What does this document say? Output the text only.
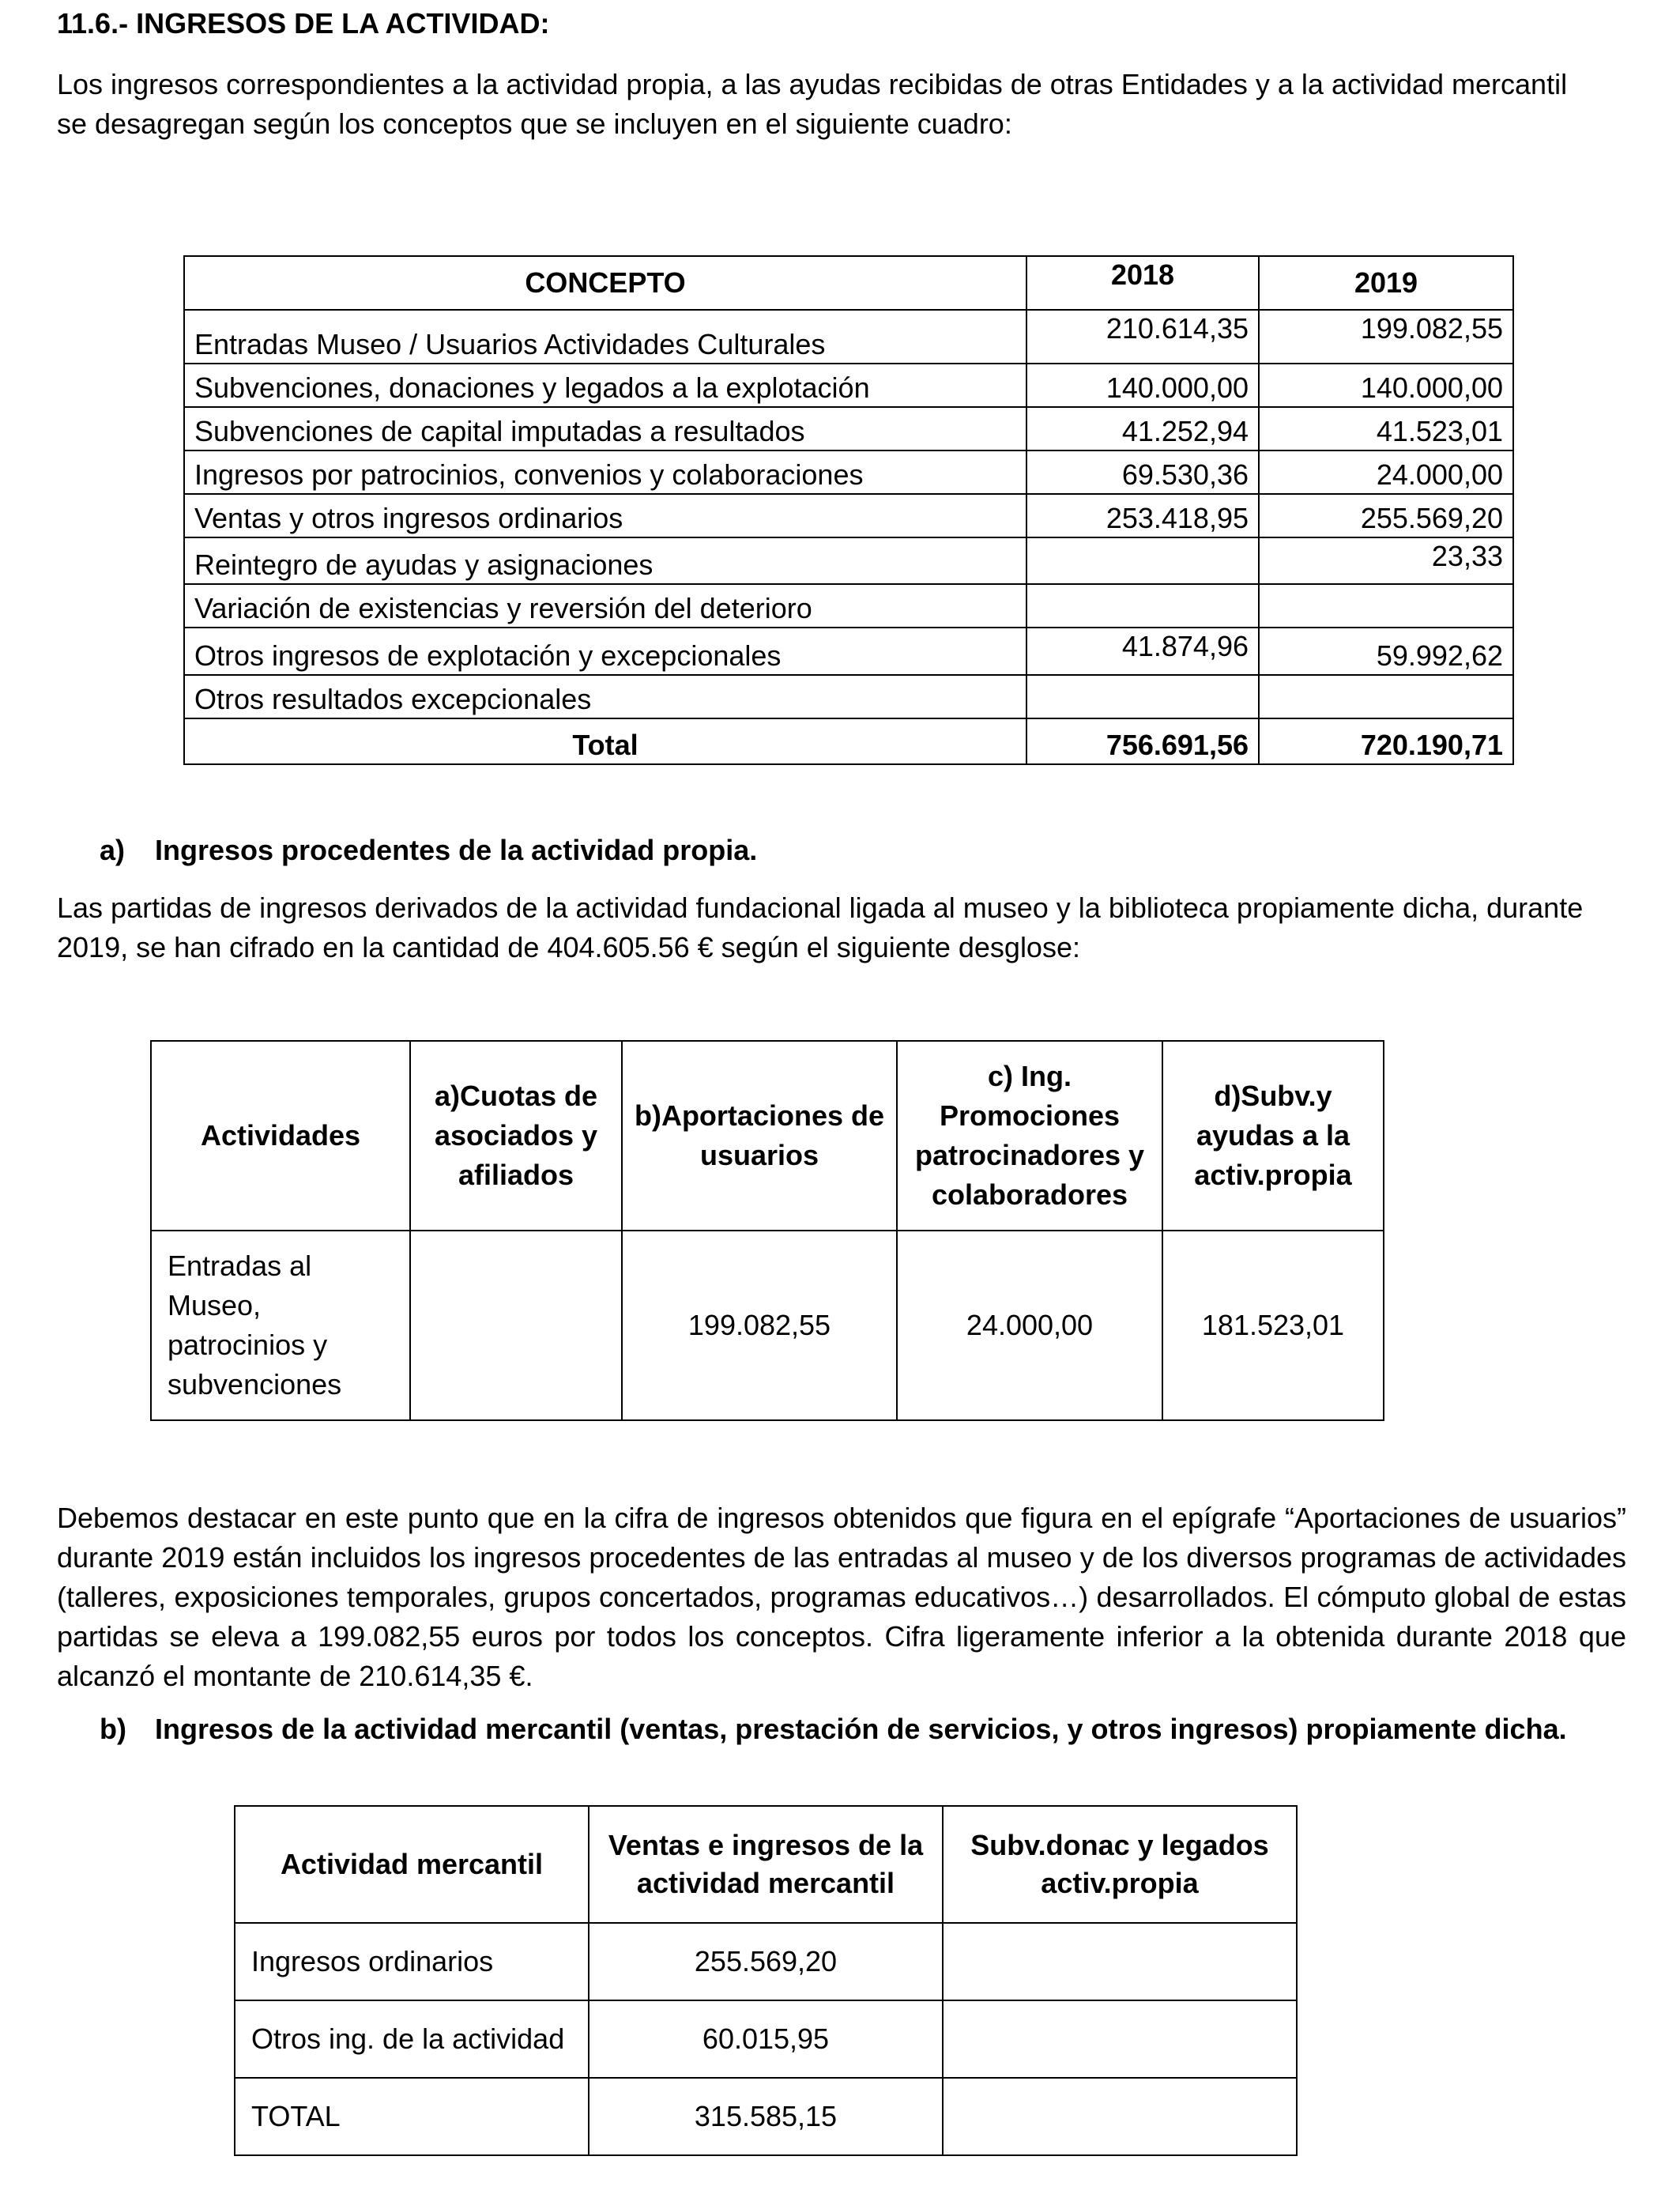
11.6.- INGRESOS DE LA ACTIVIDAD:
Los ingresos correspondientes a la actividad propia, a las ayudas recibidas de otras Entidades y a la actividad mercantil se desagregan según los conceptos que se incluyen en el siguiente cuadro:
CONCEPTO	2018	2019
Entradas Museo / Usuarios Actividades Culturales	210.614,35	199.082,55
Subvenciones, donaciones y legados a la explotación	140.000,00	140.000,00
Subvenciones de capital imputadas a resultados	41.252,94	41.523,01
Ingresos por patrocinios, convenios y colaboraciones	69.530,36	24.000,00
Ventas y otros ingresos ordinarios	253.418,95	255.569,20
Reintegro de ayudas y asignaciones		23,33
Variación de existencias y reversión del deterioro		
Otros ingresos de explotación y excepcionales	41.874,96	59.992,62
Otros resultados excepcionales		
Total	756.691,56	720.190,71
a) Ingresos procedentes de la actividad propia.
Las partidas de ingresos derivados de la actividad fundacional ligada al museo y la biblioteca propiamente dicha, durante 2019, se han cifrado en la cantidad de 404.605.56 € según el siguiente desglose:
Actividades	a)Cuotas de asociados y afiliados	b)Aportaciones de usuarios	c) Ing. Promociones patrocinadores y colaboradores	d)Subv.y ayudas a la activ.propia
Entradas al Museo, patrocinios y subvenciones		199.082,55	24.000,00	181.523,01
Debemos destacar en este punto que en la cifra de ingresos obtenidos que figura en el epígrafe “Aportaciones de usuarios” durante 2019 están incluidos los ingresos procedentes de las entradas al museo y de los diversos programas de actividades (talleres, exposiciones temporales, grupos concertados, programas educativos…) desarrollados. El cómputo global de estas partidas se eleva a 199.082,55 euros por todos los conceptos. Cifra ligeramente inferior a la obtenida durante 2018 que alcanzó el montante de 210.614,35 €.
b) Ingresos de la actividad mercantil (ventas, prestación de servicios, y otros ingresos) propiamente dicha.
Actividad mercantil	Ventas e ingresos de la actividad mercantil	Subv.donac y legados activ.propia
Ingresos ordinarios	255.569,20	
Otros ing. de la actividad	60.015,95	
TOTAL	315.585,15	
